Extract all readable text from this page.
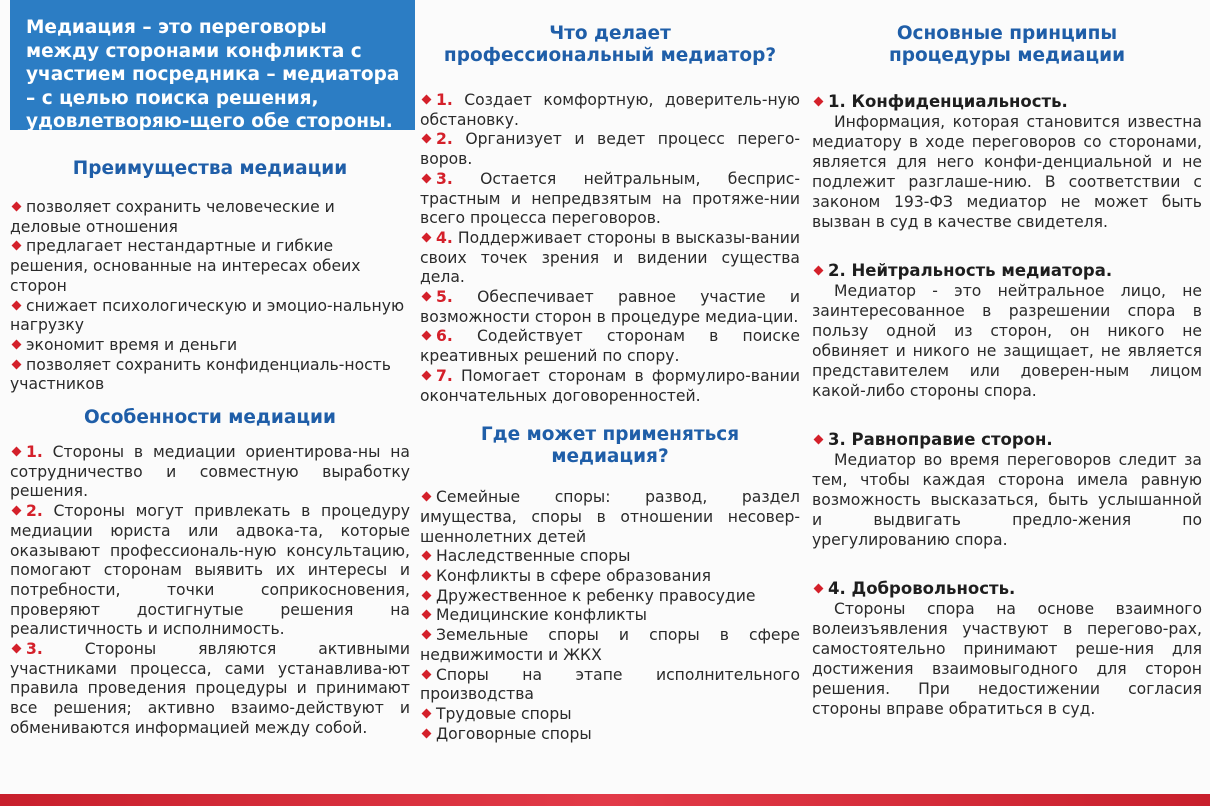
Медиация – это переговоры между сторонами конфликта с участием посредника – медиатора – с целью поиска решения, удовлетворяю-щего обе стороны.
Преимущества медиации

позволяет сохранить человеческие и деловые отношения

предлагает нестандартные и гибкие решения, основанные на интересах обеих сторон

снижает психологическую и эмоцио-нальную нагрузку

экономит время и деньги

позволяет сохранить конфиденциаль-ность участников

Особенности медиации

1. Стороны в медиации ориентирова-ны на сотрудничество и совместную выработку решения.

2. Стороны могут привлекать в процедуру медиации юриста или адвока-та, которые оказывают профессиональ-ную консультацию, помогают сторонам выявить их интересы и потребности, точки соприкосновения, проверяют достигнутые решения на реалистичность и исполнимость.

3.	Стороны являются активными участниками процесса, сами устанавлива-ют правила проведения процедуры и принимают все решения; активно взаимо-действуют и обмениваются информацией между собой.

Что делает
профессиональный медиатор?

1. Создает комфортную, доверитель-ную обстановку.

2. Организует и ведет процесс перего-воров.

3. Остается нейтральным, бесприс-трастным и непредвзятым на протяже-нии всего процесса переговоров.

4. Поддерживает стороны в высказы-вании своих точек зрения и видении существа дела.

5. Обеспечивает равное участие и возможности сторон в процедуре медиа-ции.

6. Содействует сторонам в поиске креативных решений по спору.

7. Помогает сторонам в формулиро-вании окончательных договоренностей.

Где может применяться
медиация?

Семейные споры: развод, раздел имущества, споры в отношении несовер-шеннолетних детей

Наследственные споры

Конфликты в сфере образования

Дружественное к ребенку правосудие

Медицинские конфликты

Земельные споры и споры в сфере недвижимости и ЖКХ

Споры на этапе исполнительного производства

Трудовые споры

Договорные споры

Основные принципы
процедуры медиации

1. Конфиденциальность.

Информация, которая становится известна медиатору в ходе переговоров со сторонами, является для него конфи-денциальной и не подлежит разглаше-нию. В соответствии с законом 193-ФЗ медиатор не может быть вызван в суд в качестве свидетеля.

2. Нейтральность медиатора.

Медиатор - это нейтральное лицо, не заинтересованное в разрешении спора в пользу одной из сторон, он никого не обвиняет и никого не защищает, не является представителем или доверен-ным лицом какой-либо стороны спора.

3. Равноправие сторон.

Медиатор во время переговоров следит за тем, чтобы каждая сторона имела равную возможность высказаться, быть услышанной и выдвигать предло-жения по урегулированию спора.

4. Добровольность.

Стороны спора на основе взаимного волеизъявления участвуют в перегово-рах, самостоятельно принимают реше-ния для достижения взаимовыгодного для сторон решения. При недостижении согласия стороны вправе обратиться в суд.
